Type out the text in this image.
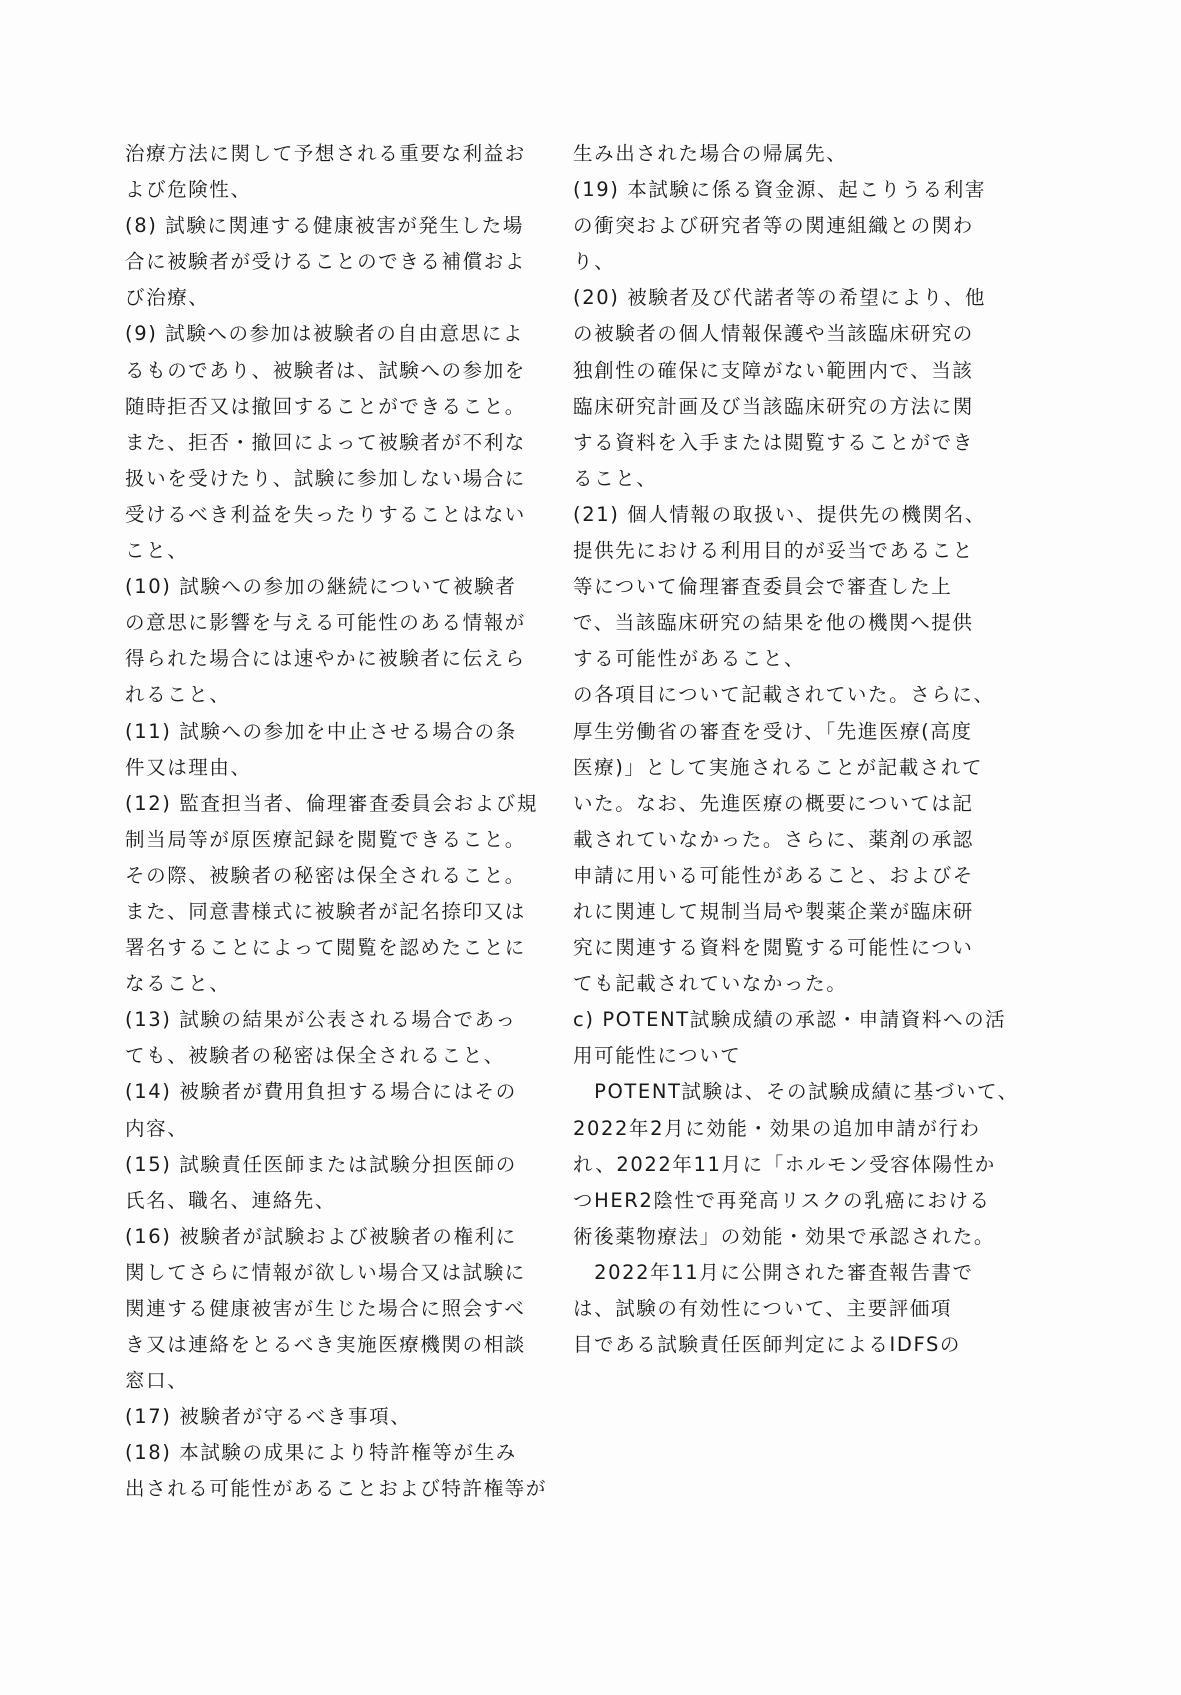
治療方法に関して予想される重要な利益お
よび危険性、
(8) 試験に関連する健康被害が発生した場
合に被験者が受けることのできる補償およ
び治療、
(9) 試験への参加は被験者の自由意思によ
るものであり、被験者は、試験への参加を
随時拒否又は撤回することができること。
また、拒否・撤回によって被験者が不利な
扱いを受けたり、試験に参加しない場合に
受けるべき利益を失ったりすることはない
こと、
(10) 試験への参加の継続について被験者
の意思に影響を与える可能性のある情報が
得られた場合には速やかに被験者に伝えら
れること、
(11) 試験への参加を中止させる場合の条
件又は理由、
(12) 監査担当者、倫理審査委員会および規
制当局等が原医療記録を閲覧できること。
その際、被験者の秘密は保全されること。
また、同意書様式に被験者が記名捺印又は
署名することによって閲覧を認めたことに
なること、
(13) 試験の結果が公表される場合であっ
ても、被験者の秘密は保全されること、
(14) 被験者が費用負担する場合にはその
内容、
(15) 試験責任医師または試験分担医師の
氏名、職名、連絡先、
(16) 被験者が試験および被験者の権利に
関してさらに情報が欲しい場合又は試験に
関連する健康被害が生じた場合に照会すべ
き又は連絡をとるべき実施医療機関の相談
窓口、
(17) 被験者が守るべき事項、
(18) 本試験の成果により特許権等が生み
出される可能性があることおよび特許権等が
生み出された場合の帰属先、
(19) 本試験に係る資金源、起こりうる利害
の衝突および研究者等の関連組織との関わ
り、
(20) 被験者及び代諾者等の希望により、他
の被験者の個人情報保護や当該臨床研究の
独創性の確保に支障がない範囲内で、当該
臨床研究計画及び当該臨床研究の方法に関
する資料を入手または閲覧することができ
ること、
(21) 個人情報の取扱い、提供先の機関名、
提供先における利用目的が妥当であること
等について倫理審査委員会で審査した上
で、当該臨床研究の結果を他の機関へ提供
する可能性があること、
の各項目について記載されていた。さらに、
厚生労働省の審査を受け、「先進医療(高度
医療)」として実施されることが記載されて
いた。なお、先進医療の概要については記
載されていなかった。さらに、薬剤の承認
申請に用いる可能性があること、およびそ
れに関連して規制当局や製薬企業が臨床研
究に関連する資料を閲覧する可能性につい
ても記載されていなかった。
c) POTENT試験成績の承認・申請資料への活
用可能性について
　POTENT試験は、その試験成績に基づいて、
2022年2月に効能・効果の追加申請が行わ
れ、2022年11月に「ホルモン受容体陽性か
つHER2陰性で再発高リスクの乳癌における
術後薬物療法」の効能・効果で承認された。
　2022年11月に公開された審査報告書で
は、試験の有効性について、主要評価項
目である試験責任医師判定によるIDFSの
